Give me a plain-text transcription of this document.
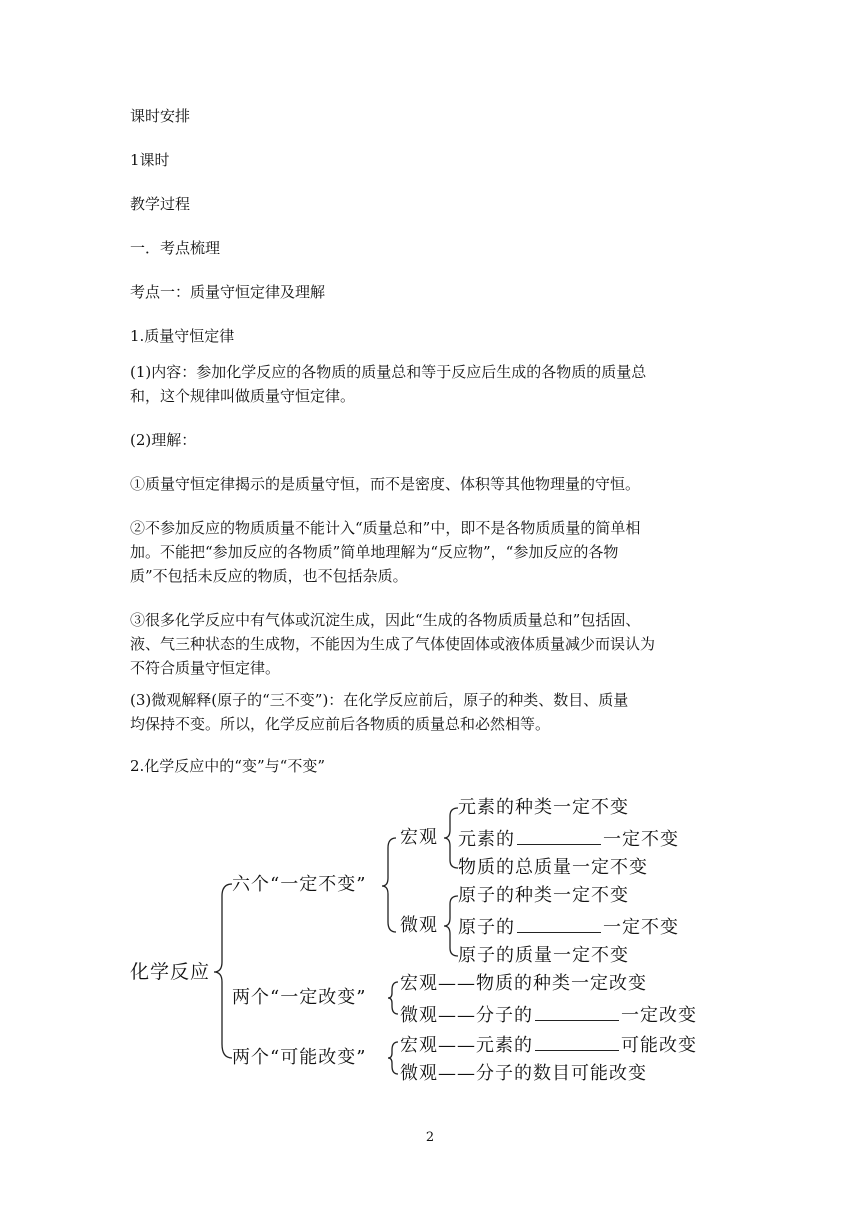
课时安排
1课时
教学过程
一．考点梳理
考点一：质量守恒定律及理解
1.质量守恒定律
(1)内容：参加化学反应的各物质的质量总和等于反应后生成的各物质的质量总
和，这个规律叫做质量守恒定律。
(2)理解：
①质量守恒定律揭示的是质量守恒，而不是密度、体积等其他物理量的守恒。
②不参加反应的物质质量不能计入“质量总和”中，即不是各物质质量的简单相
加。不能把“参加反应的各物质”简单地理解为“反应物”，“参加反应的各物
质”不包括未反应的物质，也不包括杂质。
③很多化学反应中有气体或沉淀生成，因此“生成的各物质质量总和”包括固、
液、气三种状态的生成物，不能因为生成了气体使固体或液体质量减少而误认为
不符合质量守恒定律。
(3)微观解释(原子的“三不变”)：在化学反应前后，原子的种类、数目、质量
均保持不变。所以，化学反应前后各物质的质量总和必然相等。
2.化学反应中的“变”与“不变”
化学反应
六个“一定不变”
宏观
微观
元素的种类一定不变
元素的	一定不变
物质的总质量一定不变
原子的种类一定不变
原子的	一定不变
原子的质量一定不变
两个“一定改变”
宏观——物质的种类一定改变
微观——分子的	一定改变
两个“可能改变”
宏观——元素的	可能改变
微观——分子的数目可能改变
2
